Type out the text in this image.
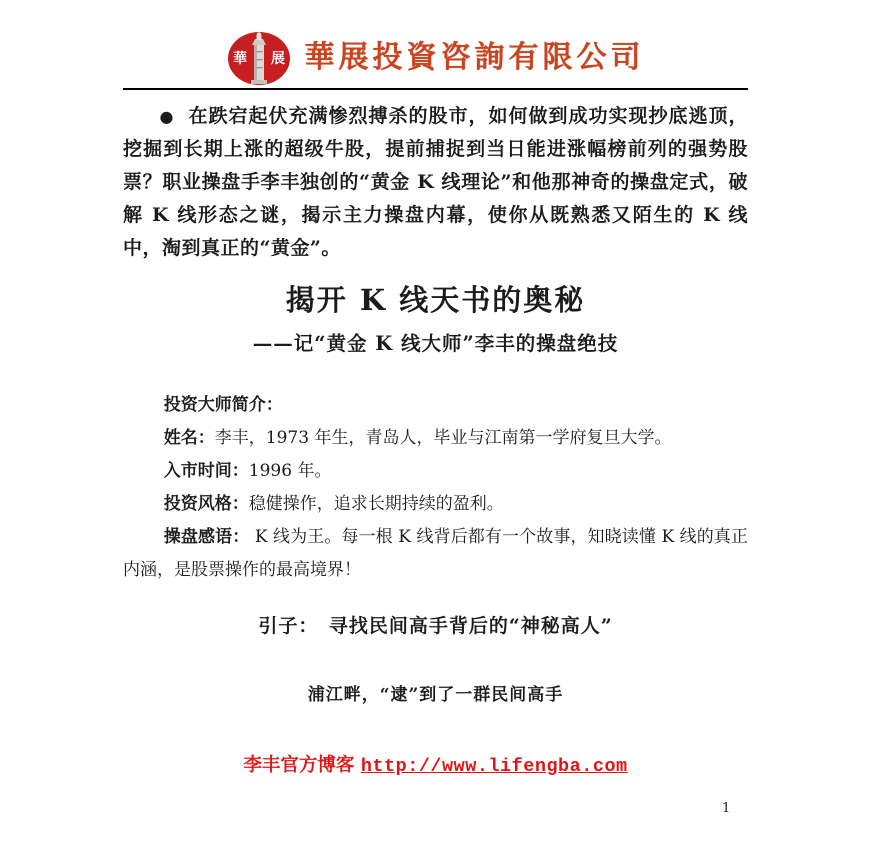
華 展 華展投資咨詢有限公司

● 在跌宕起伏充满惨烈搏杀的股市，如何做到成功实现抄底逃顶，挖掘到长期上涨的超级牛股，提前捕捉到当日能进涨幅榜前列的强势股票？职业操盘手李丰独创的“黄金 K 线理论”和他那神奇的操盘定式，破解 K 线形态之谜，揭示主力操盘内幕，使你从既熟悉又陌生的 K 线中，淘到真正的“黄金”。

揭开 K 线天书的奥秘
——记“黄金 K 线大师”李丰的操盘绝技

投资大师简介：

姓名：李丰，1973 年生，青岛人，毕业与江南第一学府复旦大学。

入市时间：1996 年。

投资风格：稳健操作，追求长期持续的盈利。

操盘感语： K 线为王。每一根 K 线背后都有一个故事，知晓读懂 K 线的真正内涵，是股票操作的最高境界！

引子：　寻找民间高手背后的“神秘高人”
浦江畔，“逮”到了一群民间高手
李丰官方博客 http://www.lifengba.com
1
